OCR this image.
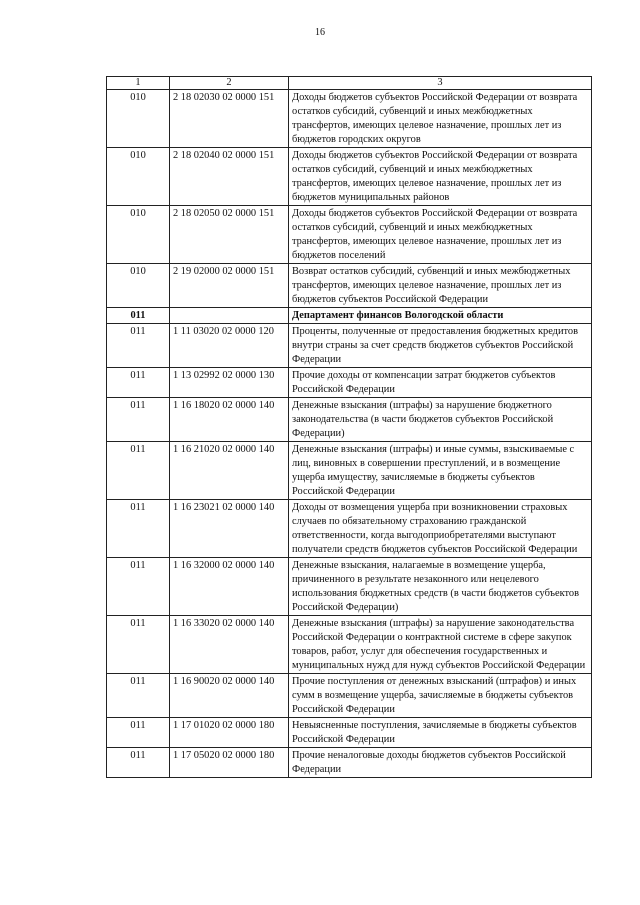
16
1	2	3
010	2 18 02030 02 0000 151	Доходы бюджетов субъектов Российской Федерации от возврата остатков субсидий, субвенций и иных межбюджетных трансфертов, имеющих целевое назначение, прошлых лет из бюджетов городских округов
010	2 18 02040 02 0000 151	Доходы бюджетов субъектов Российской Федерации от возврата остатков субсидий, субвенций и иных межбюджетных трансфертов, имеющих целевое назначение, прошлых лет из бюджетов муниципальных районов
010	2 18 02050 02 0000 151	Доходы бюджетов субъектов Российской Федерации от возврата остатков субсидий, субвенций и иных межбюджетных трансфертов, имеющих целевое назначение, прошлых лет из бюджетов поселений
010	2 19 02000 02 0000 151	Возврат остатков субсидий, субвенций и иных межбюджетных трансфертов, имеющих целевое назначение, прошлых лет из бюджетов субъектов Российской Федерации
011		Департамент финансов Вологодской области
011	1 11 03020 02 0000 120	Проценты, полученные от предоставления бюджетных кредитов внутри страны за счет средств бюджетов субъектов Российской Федерации
011	1 13 02992 02 0000 130	Прочие доходы от компенсации затрат бюджетов субъектов Российской Федерации
011	1 16 18020 02 0000 140	Денежные взыскания (штрафы) за нарушение бюджетного законодательства (в части бюджетов субъектов Российской Федерации)
011	1 16 21020 02 0000 140	Денежные взыскания (штрафы) и иные суммы, взыскиваемые с лиц, виновных в совершении преступлений, и в возмещение ущерба имуществу, зачисляемые в бюджеты субъектов Российской Федерации
011	1 16 23021 02 0000 140	Доходы от возмещения ущерба при возникновении страховых случаев по обязательному страхованию гражданской ответственности, когда выгодоприобретателями выступают получатели средств бюджетов субъектов Российской Федерации
011	1 16 32000 02 0000 140	Денежные взыскания, налагаемые в возмещение ущерба, причиненного в результате незаконного или нецелевого использования бюджетных средств (в части бюджетов субъектов Российской Федерации)
011	1 16 33020 02 0000 140	Денежные взыскания (штрафы) за нарушение законодательства Российской Федерации о контрактной системе в сфере закупок товаров, работ, услуг для обеспечения государственных и муниципальных нужд для нужд субъектов Российской Федерации
011	1 16 90020 02 0000 140	Прочие поступления от денежных взысканий (штрафов) и иных сумм в возмещение ущерба, зачисляемые в бюджеты субъектов Российской Федерации
011	1 17 01020 02 0000 180	Невыясненные поступления, зачисляемые в бюджеты субъектов Российской Федерации
011	1 17 05020 02 0000 180	Прочие неналоговые доходы бюджетов субъектов Российской Федерации
